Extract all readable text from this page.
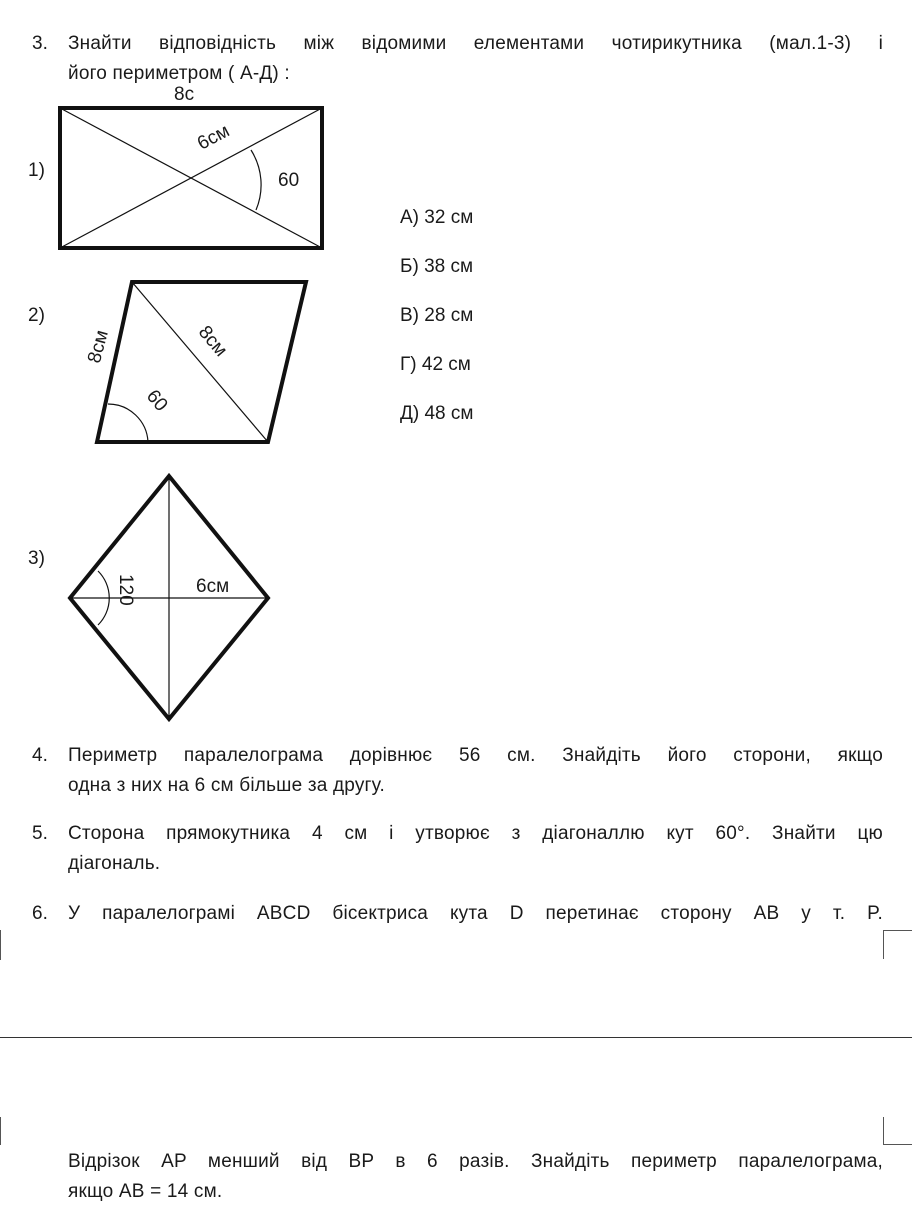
3. Знайти відповідність між відомими елементами чотирикутника (мал.1-3) і
його периметром ( А-Д) :
1)
8с
6см
60
2)
8см	8см
60
3)
120	6см
А) 32 см
Б) 38 см
В) 28 см
Г) 42 см
Д) 48 см
4. Периметр паралелограма дорівнює 56 см. Знайдіть його сторони, якщо
одна з них на 6 см більше за другу.
5. Сторона прямокутника 4 см і утворює з діагоналлю кут 60°. Знайти цю
діагональ.
6. У паралелограмі ABCD бісектриса кута D перетинає сторону AB у т. P.
Відрізок AP менший від BP в 6 разів. Знайдіть периметр паралелограма,
якщо AB = 14 см.
